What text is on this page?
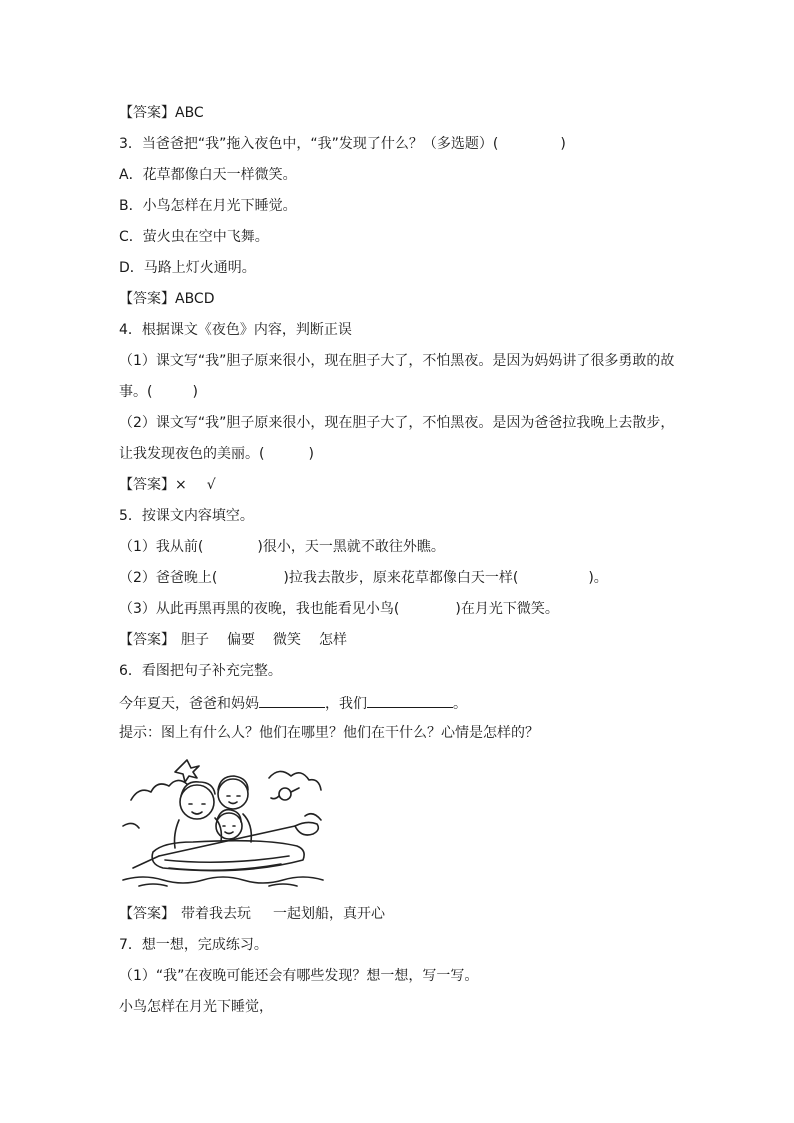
【答案】ABC
3．当爸爸把“我”拖入夜色中，“我”发现了什么？（多选题）(	)
A．花草都像白天一样微笑。
B．小鸟怎样在月光下睡觉。
C．萤火虫在空中飞舞。
D．马路上灯火通明。
【答案】ABCD
4．根据课文《夜色》内容，判断正误
（1）课文写“我”胆子原来很小，现在胆子大了，不怕黑夜。是因为妈妈讲了很多勇敢的故
事。(	)
（2）课文写“我”胆子原来很小，现在胆子大了，不怕黑夜。是因为爸爸拉我晚上去散步，
让我发现夜色的美丽。(	)
【答案】× √
5．按课文内容填空。
（1）我从前(	)很小，天一黑就不敢往外瞧。
（2）爸爸晚上(	)拉我去散步，原来花草都像白天一样(	)。
（3）从此再黑再黑的夜晚，我也能看见小鸟(	)在月光下微笑。
【答案】 胆子 偏要 微笑 怎样
6．看图把句子补充完整。
今年夏天，爸爸和妈妈	，我们	。
提示：图上有什么人？他们在哪里？他们在干什么？心情是怎样的？
【答案】 带着我去玩 一起划船，真开心
7．想一想，完成练习。
（1）“我”在夜晚可能还会有哪些发现？想一想，写一写。
小鸟怎样在月光下睡觉，
